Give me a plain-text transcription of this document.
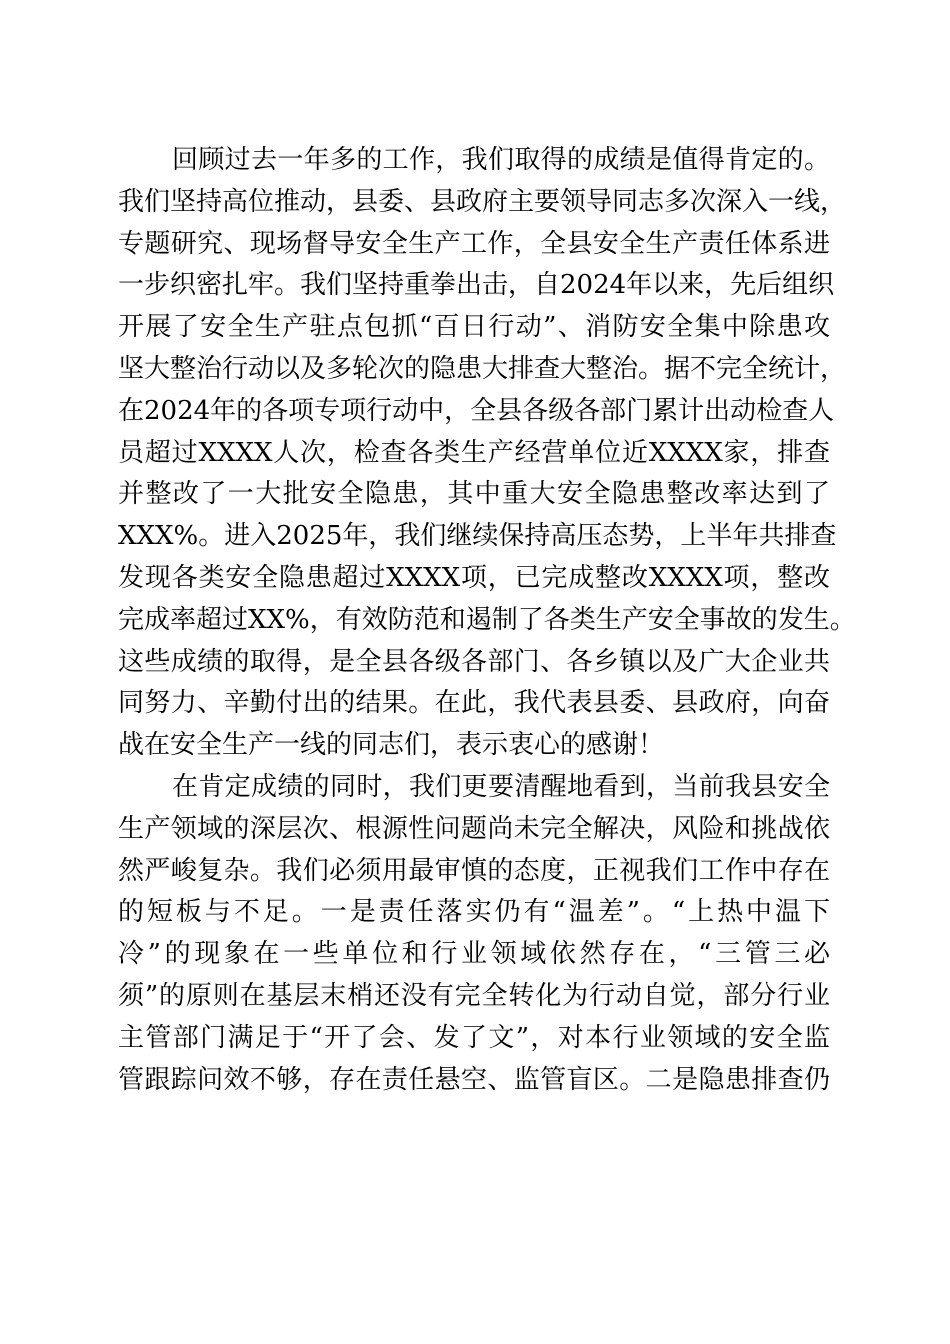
回顾过去一年多的工作，我们取得的成绩是值得肯定的。
我们坚持高位推动，县委、县政府主要领导同志多次深入一线，
专题研究、现场督导安全生产工作，全县安全生产责任体系进
一步织密扎牢。我们坚持重拳出击，自2024年以来，先后组织
开展了安全生产驻点包抓“百日行动”、消防安全集中除患攻
坚大整治行动以及多轮次的隐患大排查大整治。据不完全统计，
在2024年的各项专项行动中，全县各级各部门累计出动检查人
员超过XXXX人次，检查各类生产经营单位近XXXX家，排查
并整改了一大批安全隐患，其中重大安全隐患整改率达到了
XXX%。进入2025年，我们继续保持高压态势，上半年共排查
发现各类安全隐患超过XXXX项，已完成整改XXXX项，整改
完成率超过XX%，有效防范和遏制了各类生产安全事故的发生。
这些成绩的取得，是全县各级各部门、各乡镇以及广大企业共
同努力、辛勤付出的结果。在此，我代表县委、县政府，向奋
战在安全生产一线的同志们，表示衷心的感谢！

在肯定成绩的同时，我们更要清醒地看到，当前我县安全
生产领域的深层次、根源性问题尚未完全解决，风险和挑战依
然严峻复杂。我们必须用最审慎的态度，正视我们工作中存在
的短板与不足。一是责任落实仍有“温差”。“上热中温下
冷”的现象在一些单位和行业领域依然存在，“三管三必
须”的原则在基层末梢还没有完全转化为行动自觉，部分行业
主管部门满足于“开了会、发了文”，对本行业领域的安全监
管跟踪问效不够，存在责任悬空、监管盲区。二是隐患排查仍
